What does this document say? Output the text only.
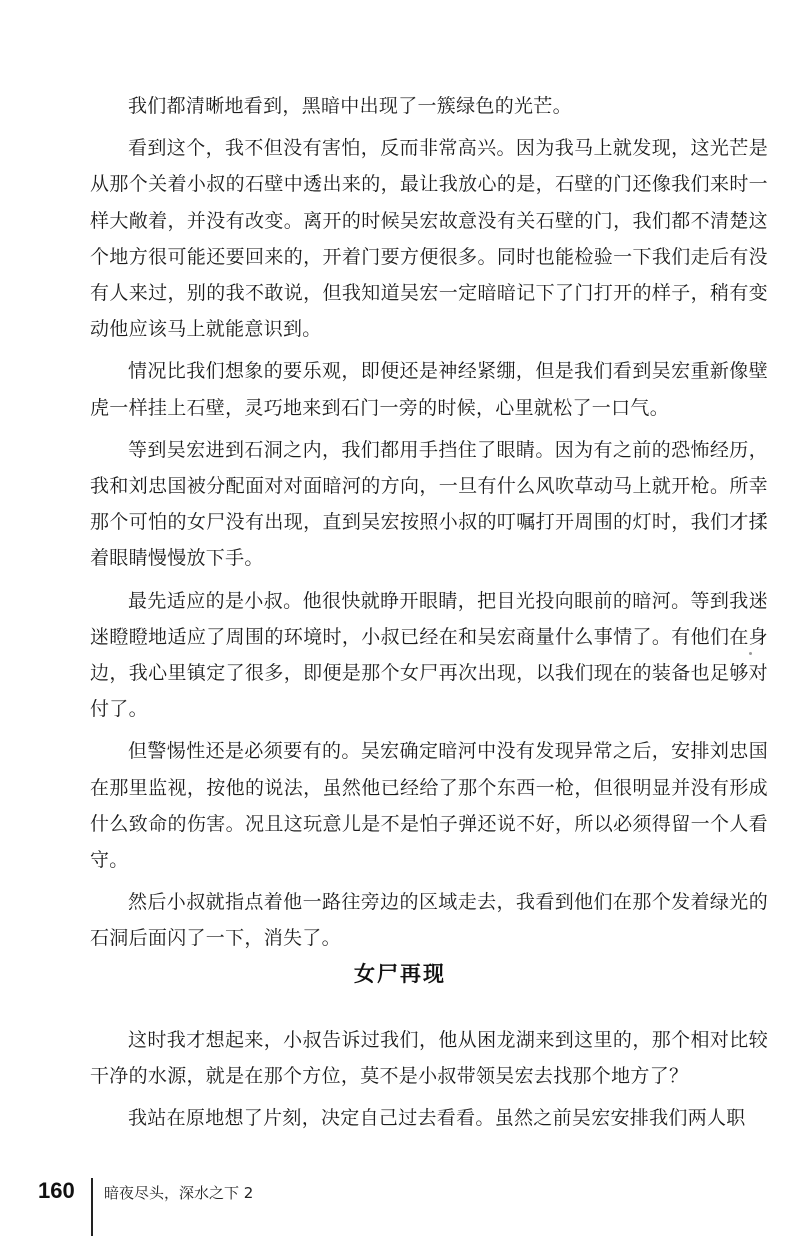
我们都清晰地看到，黑暗中出现了一簇绿色的光芒。

看到这个，我不但没有害怕，反而非常高兴。因为我马上就发现，这光芒是从那个关着小叔的石壁中透出来的，最让我放心的是，石壁的门还像我们来时一样大敞着，并没有改变。离开的时候吴宏故意没有关石壁的门，我们都不清楚这个地方很可能还要回来的，开着门要方便很多。同时也能检验一下我们走后有没有人来过，别的我不敢说，但我知道吴宏一定暗暗记下了门打开的样子，稍有变动他应该马上就能意识到。

情况比我们想象的要乐观，即便还是神经紧绷，但是我们看到吴宏重新像壁虎一样挂上石壁，灵巧地来到石门一旁的时候，心里就松了一口气。

等到吴宏进到石洞之内，我们都用手挡住了眼睛。因为有之前的恐怖经历，我和刘忠国被分配面对对面暗河的方向，一旦有什么风吹草动马上就开枪。所幸那个可怕的女尸没有出现，直到吴宏按照小叔的叮嘱打开周围的灯时，我们才揉着眼睛慢慢放下手。

最先适应的是小叔。他很快就睁开眼睛，把目光投向眼前的暗河。等到我迷迷瞪瞪地适应了周围的环境时，小叔已经在和吴宏商量什么事情了。有他们在身边，我心里镇定了很多，即便是那个女尸再次出现，以我们现在的装备也足够对付了。

但警惕性还是必须要有的。吴宏确定暗河中没有发现异常之后，安排刘忠国在那里监视，按他的说法，虽然他已经给了那个东西一枪，但很明显并没有形成什么致命的伤害。况且这玩意儿是不是怕子弹还说不好，所以必须得留一个人看守。

然后小叔就指点着他一路往旁边的区域走去，我看到他们在那个发着绿光的石洞后面闪了一下，消失了。

女尸再现

这时我才想起来，小叔告诉过我们，他从困龙湖来到这里的，那个相对比较干净的水源，就是在那个方位，莫不是小叔带领吴宏去找那个地方了？

我站在原地想了片刻，决定自己过去看看。虽然之前吴宏安排我们两人职

160 暗夜尽头，深水之下 2
